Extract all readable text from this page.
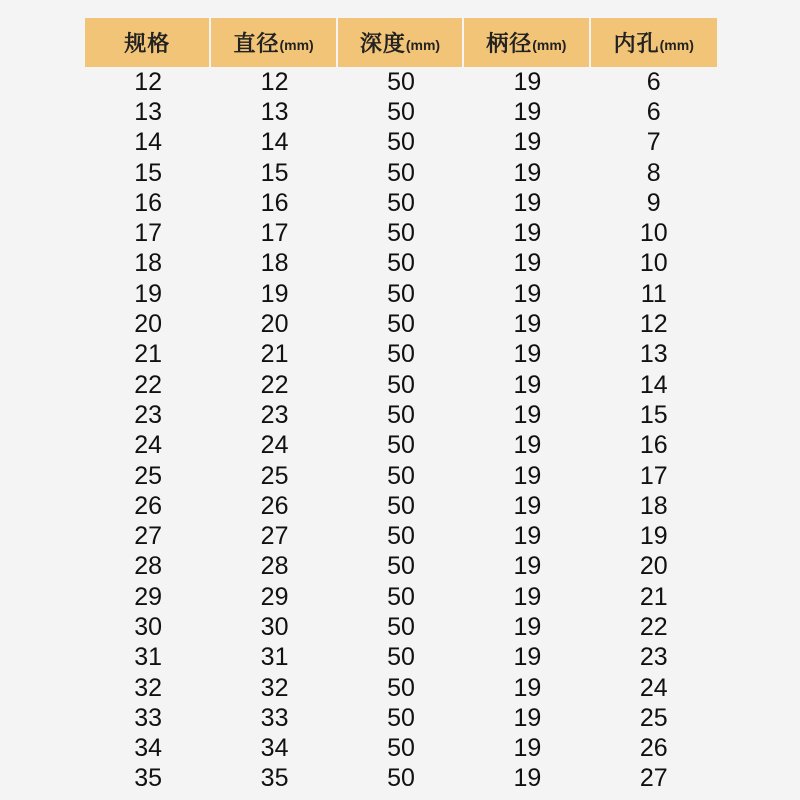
规格	直径 (mm) 深度 (mm) 柄径 (mm) 内孔 (mm)
12	12	50	19	6
13	13	50	19	6
14	14	50	19	7
15	15	50	19	8
16	16	50	19	9
17	17	50	19	10
18	18	50	19	10
19	19	50	19	11
20	20	50	19	12
21	21	50	19	13
22	22	50	19	14
23	23	50	19	15
24	24	50	19	16
25	25	50	19	17
26	26	50	19	18
27	27	50	19	19
28	28	50	19	20
29	29	50	19	21
30	30	50	19	22
31	31	50	19	23
32	32	50	19	24
33	33	50	19	25
34	34	50	19	26
35	35	50	19	27
